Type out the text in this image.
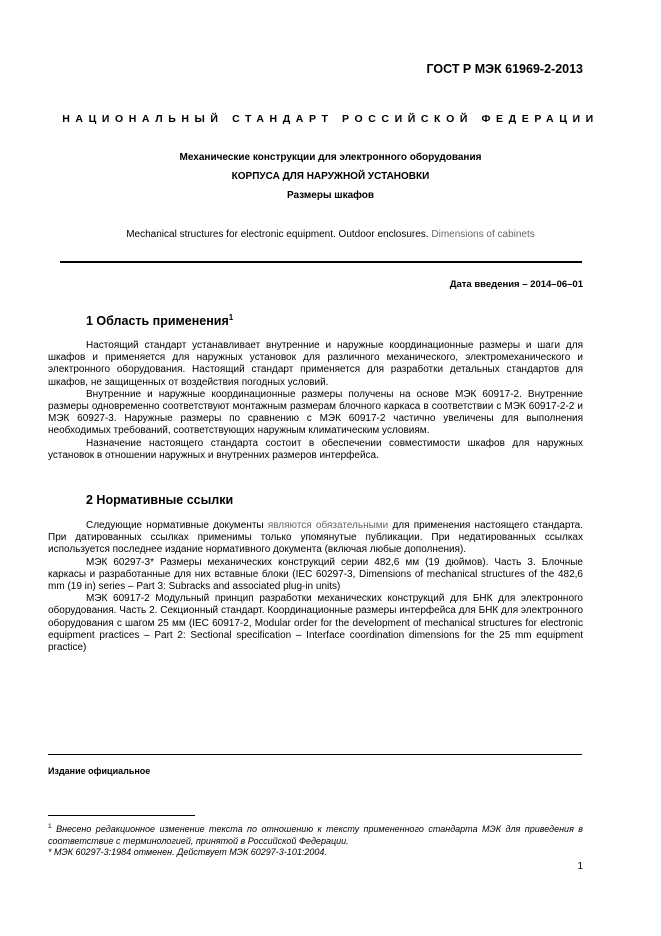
ГОСТ Р МЭК 61969-2-2013
НАЦИОНАЛЬНЫЙ СТАНДАРТ РОССИЙСКОЙ ФЕДЕРАЦИИ
Механические конструкции для электронного оборудования
КОРПУСА ДЛЯ НАРУЖНОЙ УСТАНОВКИ
Размеры шкафов
Mechanical structures for electronic equipment. Outdoor enclosures. Dimensions of cabinets
Дата введения – 2014–06–01
1 Область применения$^1$

Настоящий стандарт устанавливает внутренние и наружные координационные размеры и шаги для шкафов и применяется для наружных установок для различного механического, электромеханического и электронного оборудования. Настоящий стандарт применяется для разработки детальных стандартов для шкафов, не защищенных от воздействия погодных условий.

Внутренние и наружные координационные размеры получены на основе МЭК 60917-2. Внутренние размеры одновременно соответствуют монтажным размерам блочного каркаса в соответствии с МЭК 60917-2-2 и МЭК 60927-3. Наружные размеры по сравнению с МЭК 60917-2 частично увеличены для выполнения необходимых требований, соответствующих наружным климатическим условиям.

Назначение настоящего стандарта состоит в обеспечении совместимости шкафов для наружных установок в отношении наружных и внутренних размеров интерфейса.

2 Нормативные ссылки

Следующие нормативные документы являются обязательными для применения настоящего стандарта. При датированных ссылках применимы только упомянутые публикации. При недатированных ссылках используется последнее издание нормативного документа (включая любые дополнения).

МЭК 60297-3* Размеры механических конструкций серии 482,6 мм (19 дюймов). Часть 3. Блочные каркасы и разработанные для них вставные блоки (IEC 60297-3, Dimensions of mechanical structures of the 482,6 mm (19 in) series – Part 3: Subracks and associated plug-in units)

МЭК 60917-2 Модульный принцип разработки механических конструкций для БНК для электронного оборудования. Часть 2. Секционный стандарт. Координационные размеры интерфейса для БНК для электронного оборудования с шагом 25 мм (IEC 60917-2, Modular order for the development of mechanical structures for electronic equipment practices – Part 2: Sectional specification – Interface coordination dimensions for the 25 mm equipment practice)

Издание официальное

$^1$ Внесено редакционное изменение текста по отношению к тексту примененного стандарта МЭК для приведения в соответствие с терминологией, принятой в Российской Федерации.

* МЭК 60297-3:1984 отменен. Действует МЭК 60297-3-101:2004.

1
